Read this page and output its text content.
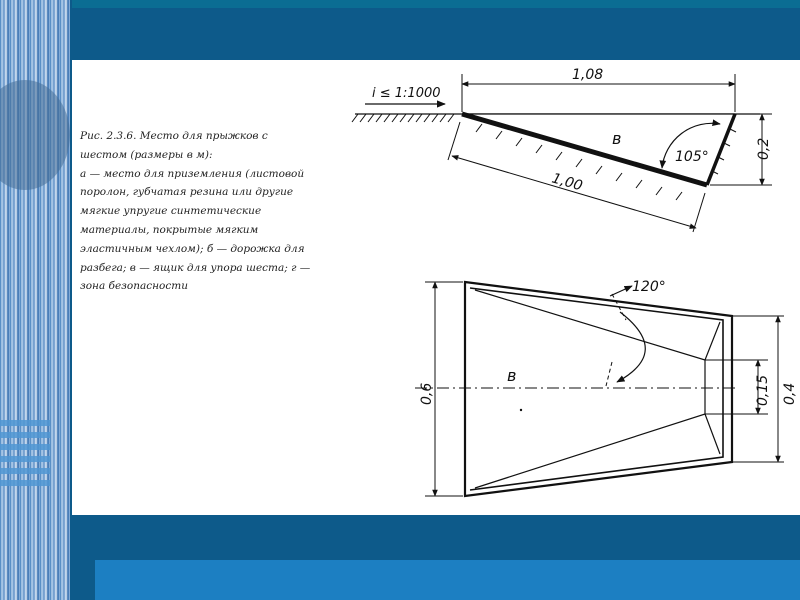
Рис. 2.3.6. Место для прыжков с
шестом (размеры в м):
а — место для приземления (листовой
поролон, губчатая резина или другие
мягкие упругие синтетические
материалы, покрытые мягким
эластичным чехлом); б — дорожка для
разбега; в — ящик для упора шеста; г —
зона безопасности
i ≤ 1:1000
1,08
1,00
0,2
105°
в
120°
в
0,6	0,4
0,15
